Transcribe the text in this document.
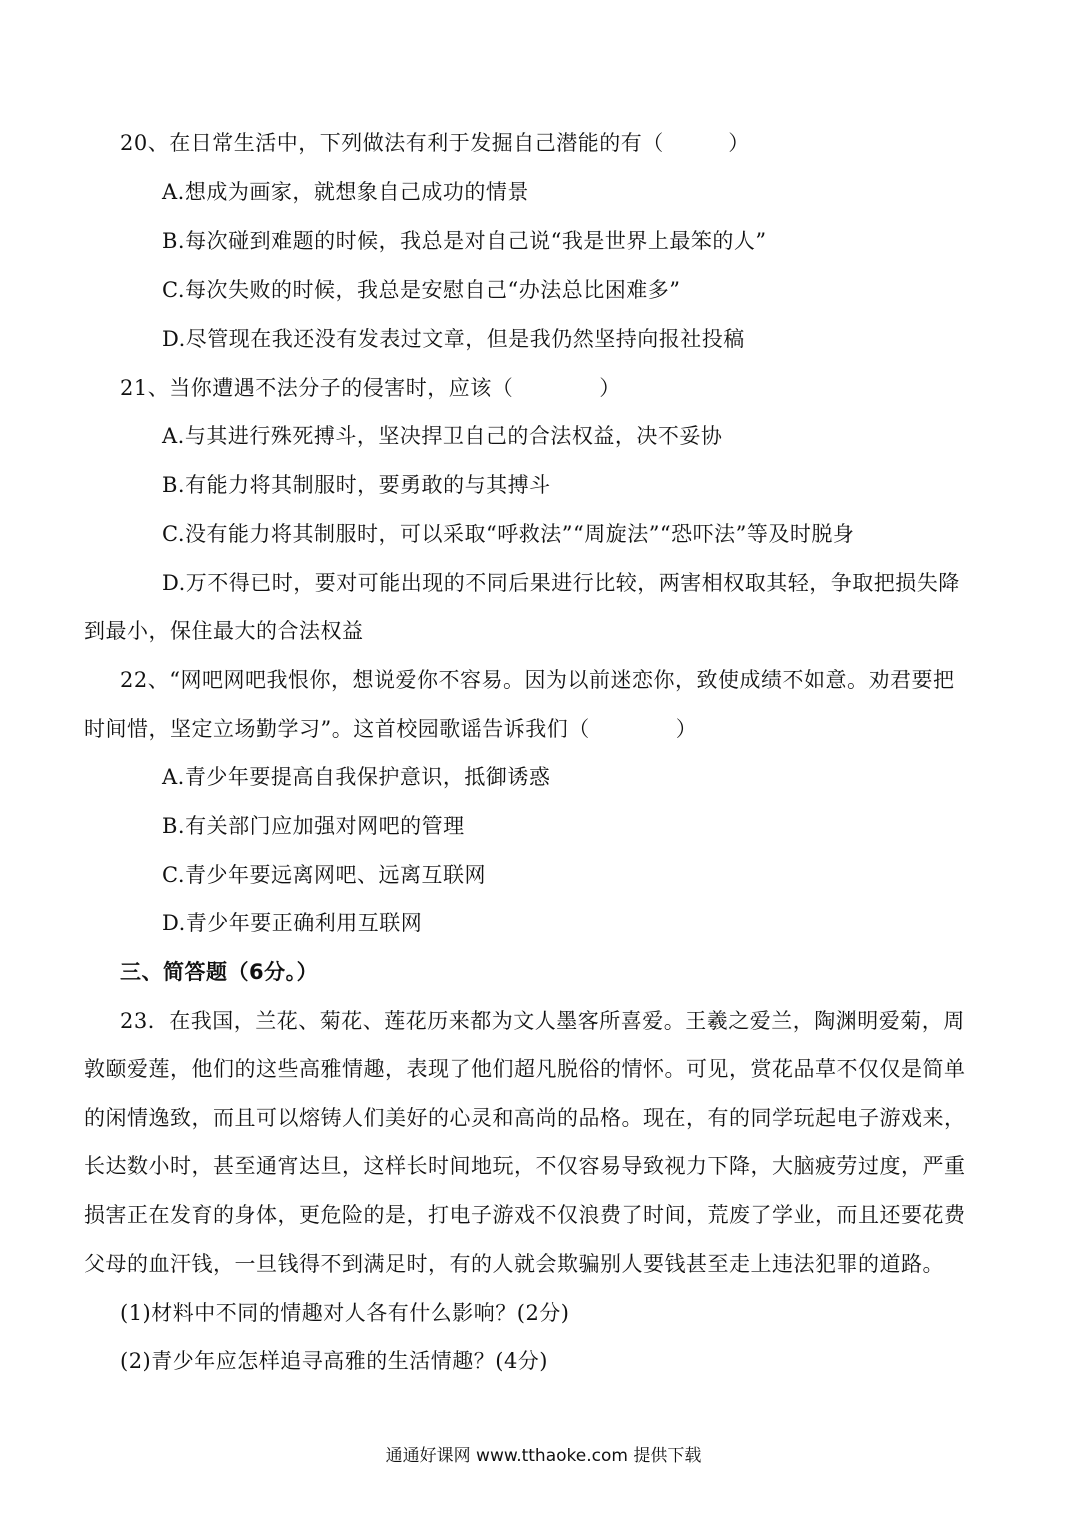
20、在日常生活中，下列做法有利于发掘自己潜能的有（　　　）
A.想成为画家，就想象自己成功的情景
B.每次碰到难题的时候，我总是对自己说“我是世界上最笨的人”
C.每次失败的时候，我总是安慰自己“办法总比困难多”
D.尽管现在我还没有发表过文章，但是我仍然坚持向报社投稿
21、当你遭遇不法分子的侵害时，应该（　　　　）
A.与其进行殊死搏斗，坚决捍卫自己的合法权益，决不妥协
B.有能力将其制服时，要勇敢的与其搏斗
C.没有能力将其制服时，可以采取“呼救法”“周旋法”“恐吓法”等及时脱身
D.万不得已时，要对可能出现的不同后果进行比较，两害相权取其轻，争取把损失降
到最小，保住最大的合法权益
22、“网吧网吧我恨你，想说爱你不容易。因为以前迷恋你，致使成绩不如意。劝君要把
时间惜，坚定立场勤学习”。这首校园歌谣告诉我们（　　　　）
A.青少年要提高自我保护意识，抵御诱惑
B.有关部门应加强对网吧的管理
C.青少年要远离网吧、远离互联网
D.青少年要正确利用互联网
三、简答题（6分。）
23．在我国，兰花、菊花、莲花历来都为文人墨客所喜爱。王羲之爱兰，陶渊明爱菊，周
敦颐爱莲，他们的这些高雅情趣，表现了他们超凡脱俗的情怀。可见，赏花品草不仅仅是简单
的闲情逸致，而且可以熔铸人们美好的心灵和高尚的品格。现在，有的同学玩起电子游戏来，
长达数小时，甚至通宵达旦，这样长时间地玩，不仅容易导致视力下降，大脑疲劳过度，严重
损害正在发育的身体，更危险的是，打电子游戏不仅浪费了时间，荒废了学业，而且还要花费
父母的血汗钱，一旦钱得不到满足时，有的人就会欺骗别人要钱甚至走上违法犯罪的道路。
(1)材料中不同的情趣对人各有什么影响？(2分)
(2)青少年应怎样追寻高雅的生活情趣？(4分)
通通好课网 www.tthaoke.com 提供下载
